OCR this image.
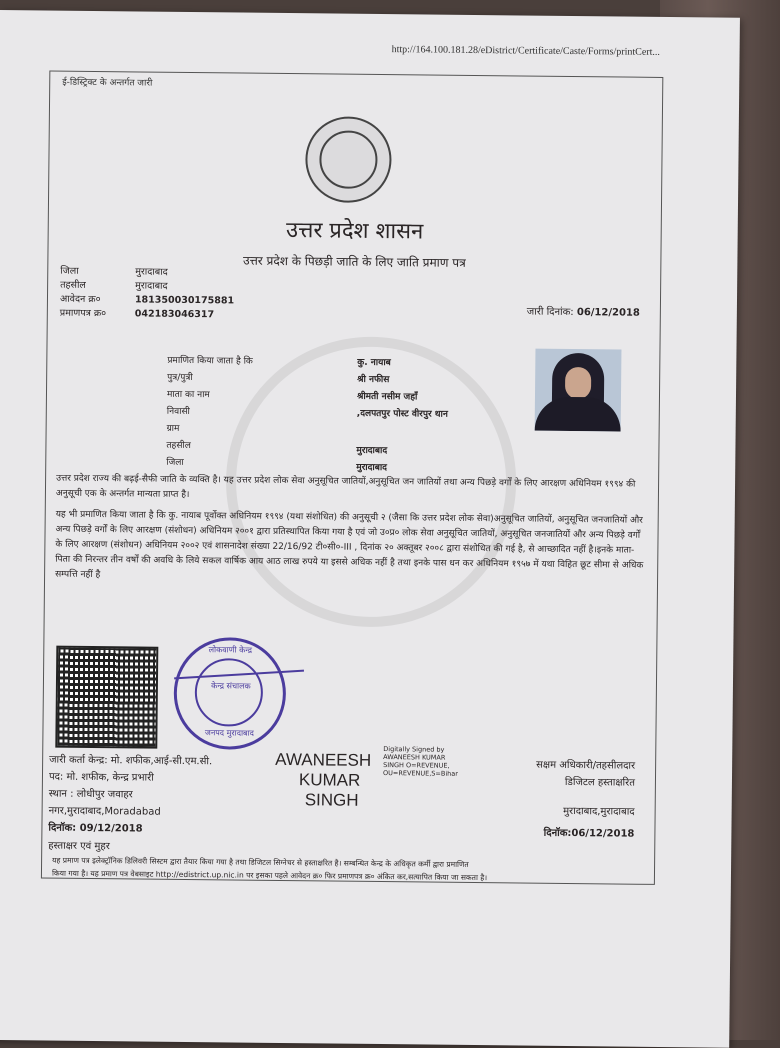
http://164.100.181.28/eDistrict/Certificate/Caste/Forms/printCert...
ई-डिस्ट्रिक्ट के अन्तर्गत जारी
उत्तर प्रदेश शासन
उत्तर प्रदेश के पिछड़ी जाति के लिए जाति प्रमाण पत्र
जिला	मुरादाबाद
तहसील	मुरादाबाद
आवेदन क्र०	181350030175881
प्रमाणपत्र क्र०	042183046317	जारी दिनांक: 06/12/2018
प्रमाणित किया जाता है कि	कु. नायाब
पुत्र/पुत्री	श्री नफीस
माता का नाम	श्रीमती नसीम जहाँ
निवासी	,दलपतपुर पोस्ट वीरपुर थान
ग्राम
तहसील	मुरादाबाद
जिला	मुरादाबाद
उत्तर प्रदेश राज्य की बढ़ई-सैफी जाति के व्यक्ति है। यह उत्तर प्रदेश लोक सेवा अनुसूचित जातियों,अनुसूचित जन जातियों तथा अन्य पिछड़े वर्गों के लिए आरक्षण अधिनियम १९९४ की अनुसूची एक के अन्तर्गत मान्यता प्राप्त है।
यह भी प्रमाणित किया जाता है कि कु. नायाब पूर्वोक्त अधिनियम १९९४ (यथा संशोधित) की अनुसूची २ (जैसा कि उत्तर प्रदेश लोक सेवा)अनुसूचित जातियों, अनुसूचित जनजातियों और अन्य पिछड़े वर्गों के लिए आरक्षण (संशोधन) अधिनियम २००१ द्वारा प्रतिस्थापित किया गया है एवं जो उ०प्र० लोक सेवा अनुसूचित जातियों, अनुसूचित जनजातियों और अन्य पिछड़े वर्गों के लिए आरक्षण (संशोधन) अधिनियम २००२ एवं शासनादेश संख्या 22/16/92 टी०सी०-III , दिनांक २० अक्तूबर २००८ द्वारा संशोधित की गई है, से आच्छादित नहीं है।इनके माता-पिता की निरन्तर तीन वर्षों की अवधि के लिये सकल वार्षिक आय आठ लाख रुपये या इससे अधिक नहीं है तथा इनके पास धन कर अधिनियम १९५७ में यथा विहित छूट सीमा से अधिक सम्पत्ति नहीं है
लोकवाणी केन्द्र
केन्द्र संचालक
जनपद मुरादाबाद
जारी कर्ता केन्द्र: मो. शफीक,आई-सी.एम.सी.
पद: मो. शफीक, केन्द्र प्रभारी
स्थान : लोधीपुर जवाहर
नगर,मुरादाबाद,Moradabad
दिनॉक: 09/12/2018
हस्ताक्षर एवं मुहर
AWANEESH
KUMAR
SINGH
Digitally Signed by
AWANEESH KUMAR
SINGH O=REVENUE,
OU=REVENUE,S=Bihar
सक्षम अधिकारी/तहसीलदार
डिजिटल हस्ताक्षरित
मुरादाबाद,मुरादाबाद
दिनॉक:06/12/2018
यह प्रमाण पत्र इलेक्ट्रॉनिक डिलिवरी सिस्टम द्वारा तैयार किया गया है तथा डिजिटल सिग्नेचर से हस्ताक्षरित है। सम्बन्धित केन्द्र के अधिकृत कर्मी द्वारा प्रमाणित
किया गया है। यह प्रमाण पत्र वेबसाइट http://edistrict.up.nic.in पर इसका पहले आवेदन क्र० फिर प्रमाणपत्र क्र० अंकित कर,सत्यापित किया जा सकता है।
